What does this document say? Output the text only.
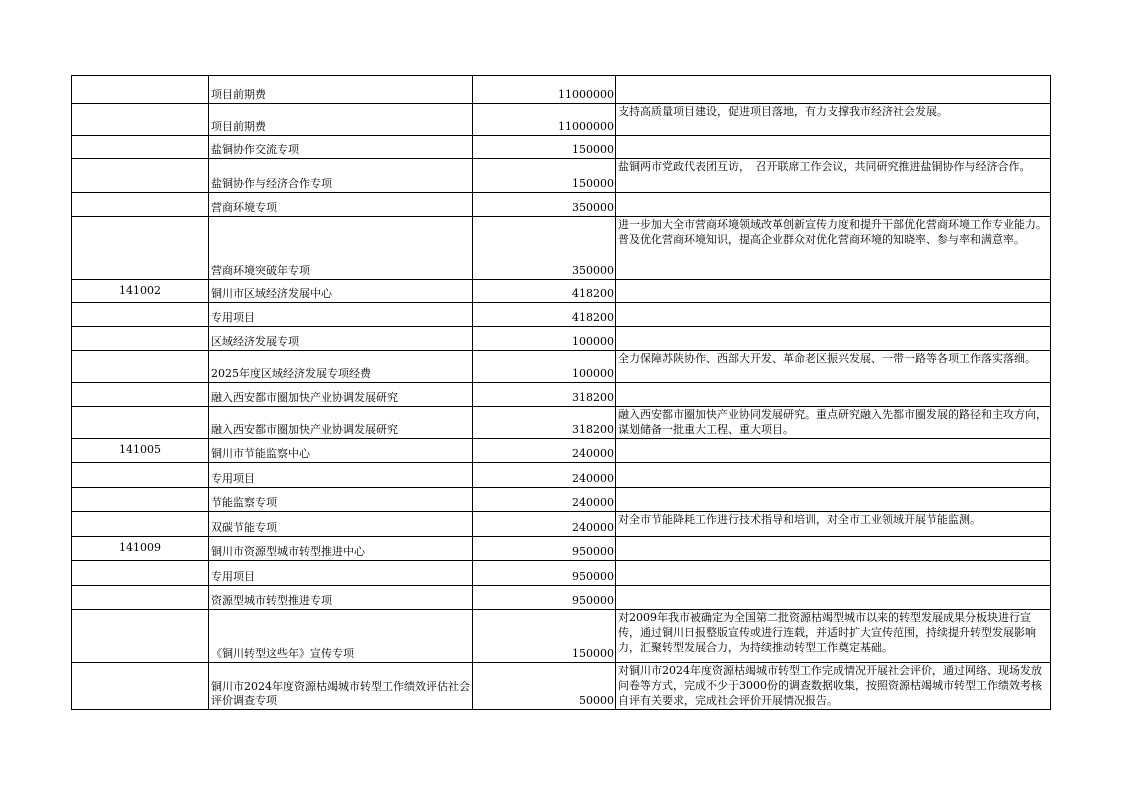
	项目前期费	11000000	
	项目前期费	11000000	支持高质量项目建设，促进项目落地，有力支撑我市经济社会发展。
	盐铜协作交流专项	150000	
	盐铜协作与经济合作专项	150000	盐铜两市党政代表团互访，　召开联席工作会议，共同研究推进盐铜协作与经济合作。
	营商环境专项	350000	
	营商环境突破年专项	350000	进一步加大全市营商环境领域改革创新宣传力度和提升干部优化营商环境工作专业能力。普及优化营商环境知识，提高企业群众对优化营商环境的知晓率、参与率和满意率。
141002	铜川市区域经济发展中心	418200	
	专用项目	418200	
	区域经济发展专项	100000	
	2025年度区域经济发展专项经费	100000	全力保障苏陕协作、西部大开发、革命老区振兴发展、一带一路等各项工作落实落细。
	融入西安都市圈加快产业协调发展研究	318200	
	融入西安都市圈加快产业协调发展研究	318200	融入西安都市圈加快产业协同发展研究。重点研究融入先都市圈发展的路径和主攻方向，谋划储备一批重大工程、重大项目。
141005	铜川市节能监察中心	240000	
	专用项目	240000	
	节能监察专项	240000	
	双碳节能专项	240000	对全市节能降耗工作进行技术指导和培训，对全市工业领域开展节能监测。
141009	铜川市资源型城市转型推进中心	950000	
	专用项目	950000	
	资源型城市转型推进专项	950000	
	《铜川转型这些年》宣传专项	150000	对2009年我市被确定为全国第二批资源枯竭型城市以来的转型发展成果分板块进行宣传，通过铜川日报整版宣传或进行连载，并适时扩大宣传范围，持续提升转型发展影响力，汇聚转型发展合力，为持续推动转型工作奠定基础。
	铜川市2024年度资源枯竭城市转型工作绩效评估社会评价调查专项	50000	对铜川市2024年度资源枯竭城市转型工作完成情况开展社会评价，通过网络、现场发放问卷等方式，完成不少于3000份的调查数据收集，按照资源枯竭城市转型工作绩效考核自评有关要求，完成社会评价开展情况报告。
